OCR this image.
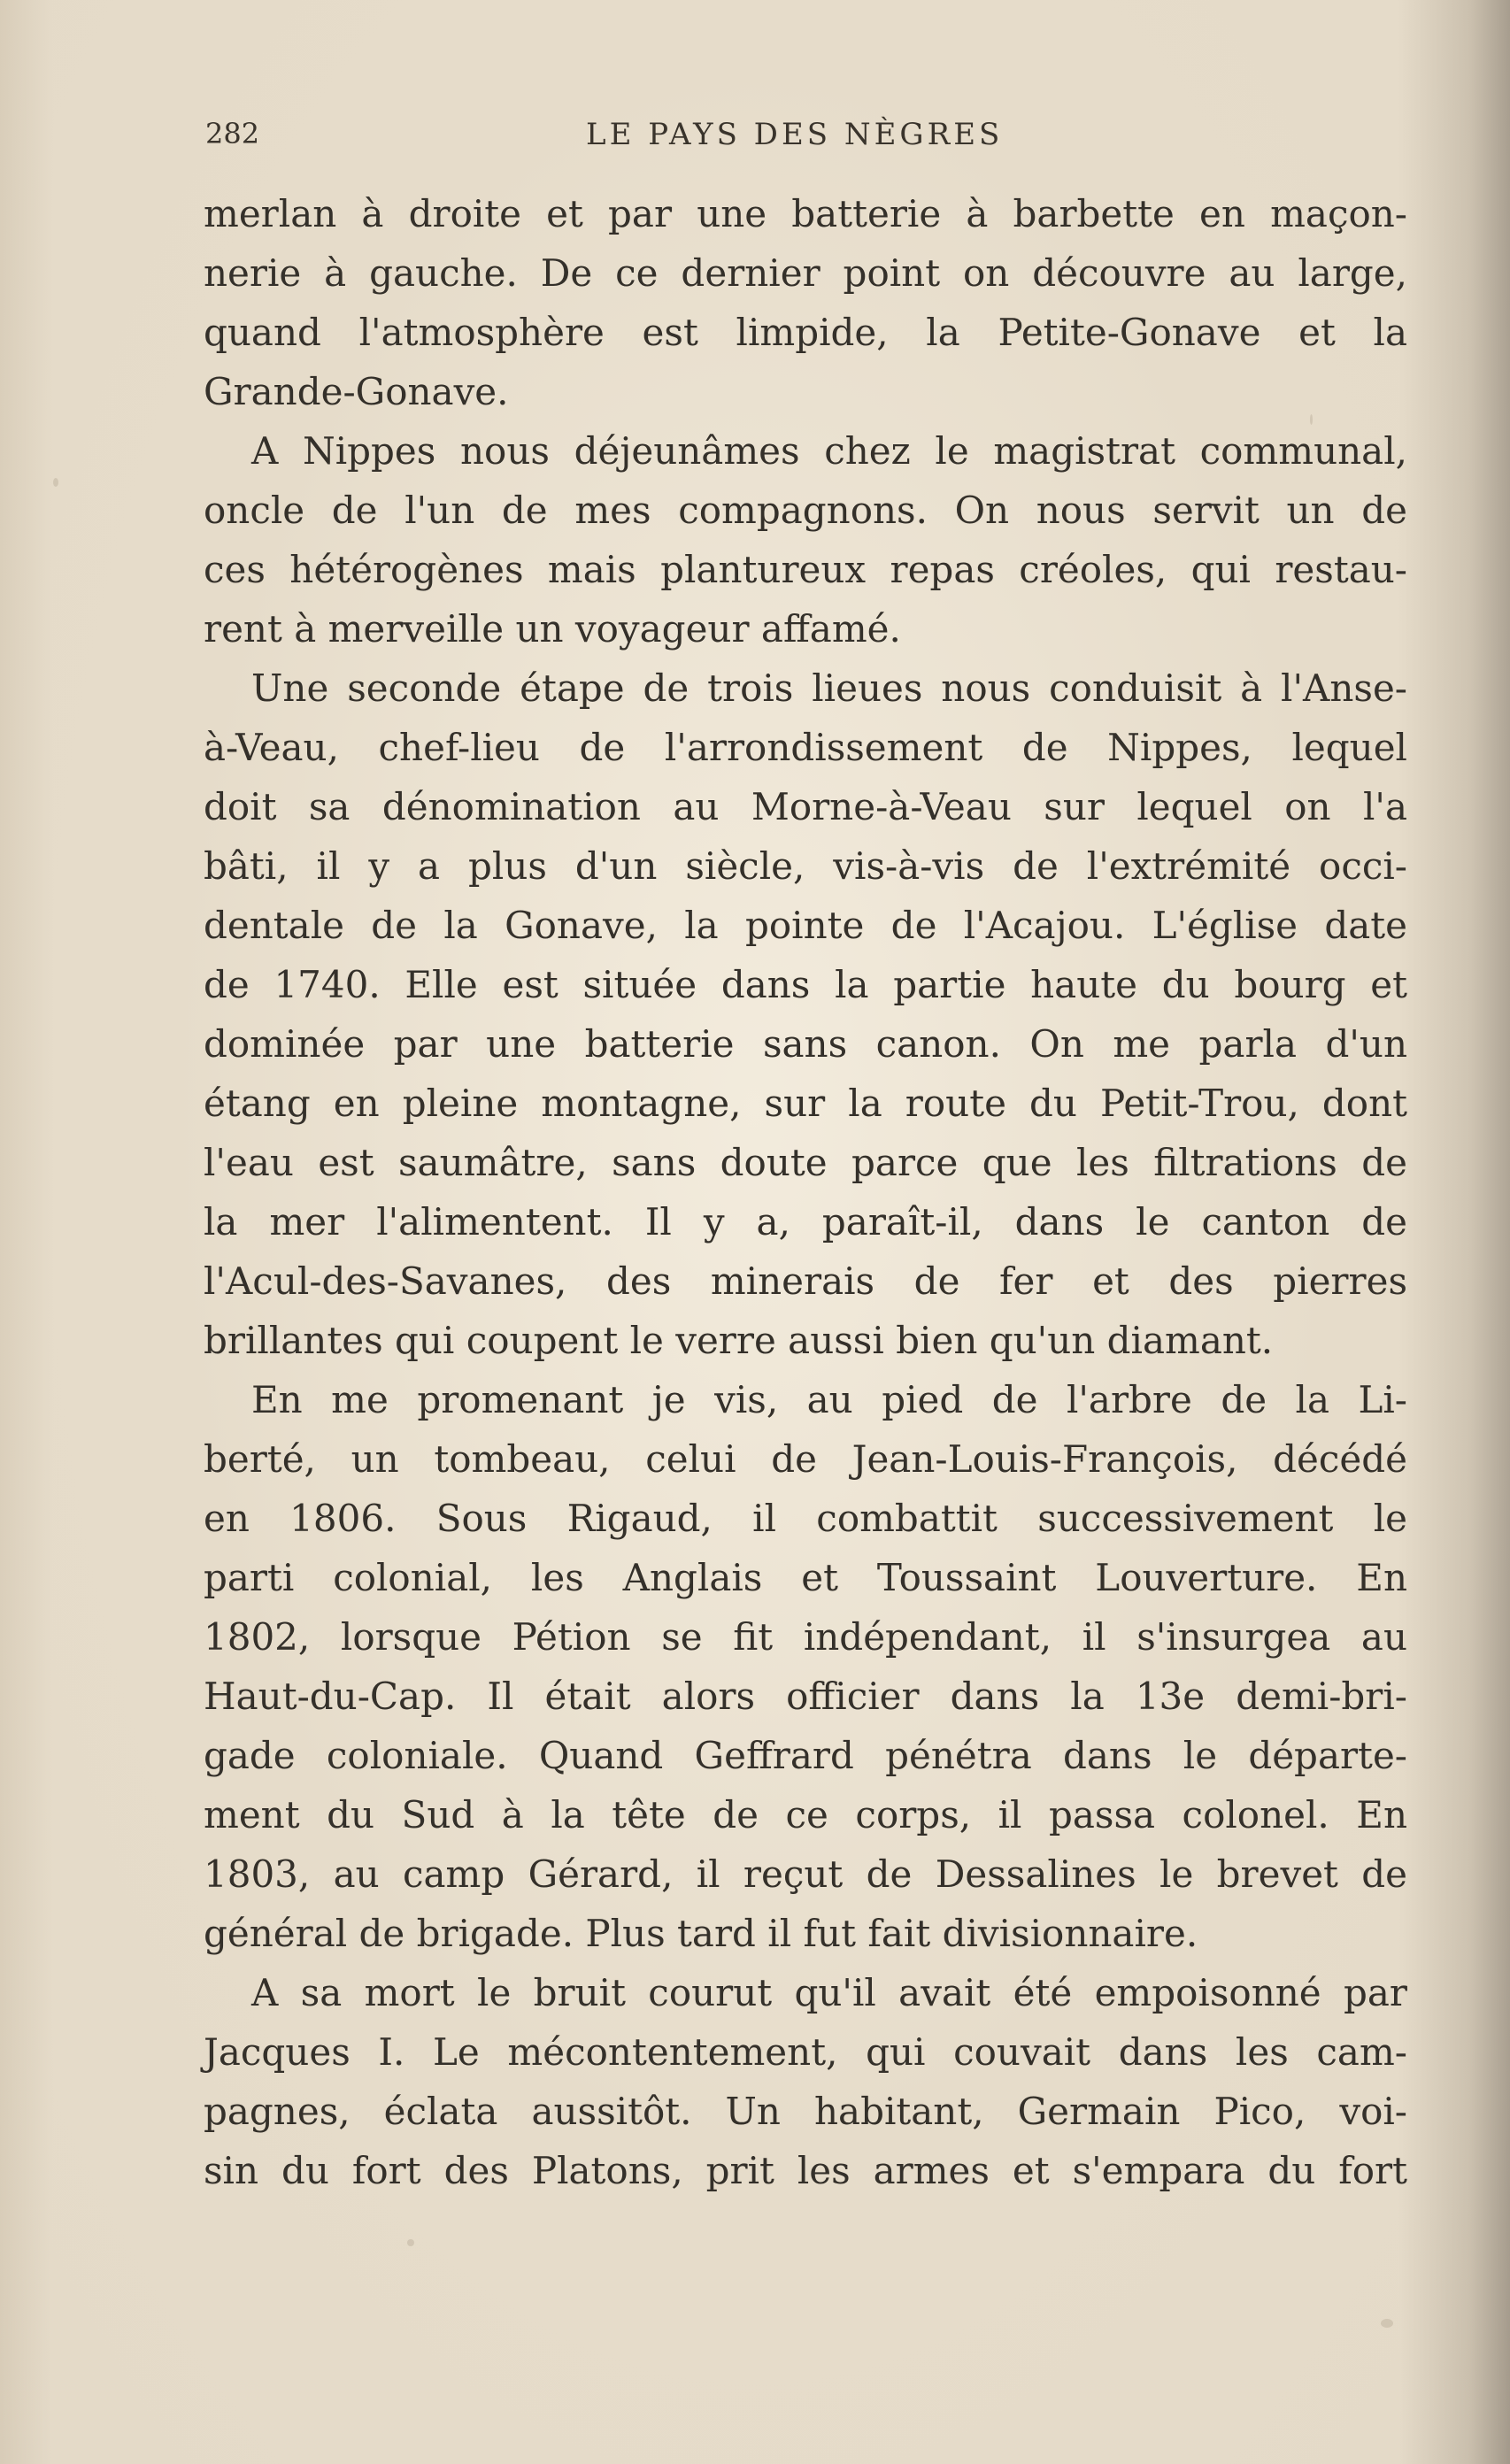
282	LE PAYS DES NÈGRES
merlan à droite et par une batterie à barbette en maçon-
nerie à gauche. De ce dernier point on découvre au large,
quand l'atmosphère est limpide, la Petite-Gonave et la
Grande-Gonave.
A Nippes nous déjeunâmes chez le magistrat communal,
oncle de l'un de mes compagnons. On nous servit un de
ces hétérogènes mais plantureux repas créoles, qui restau-
rent à merveille un voyageur affamé.
Une seconde étape de trois lieues nous conduisit à l'Anse-
à-Veau, chef-lieu de l'arrondissement de Nippes, lequel
doit sa dénomination au Morne-à-Veau sur lequel on l'a
bâti, il y a plus d'un siècle, vis-à-vis de l'extrémité occi-
dentale de la Gonave, la pointe de l'Acajou. L'église date
de 1740. Elle est située dans la partie haute du bourg et
dominée par une batterie sans canon. On me parla d'un
étang en pleine montagne, sur la route du Petit-Trou, dont
l'eau est saumâtre, sans doute parce que les filtrations de
la mer l'alimentent. Il y a, paraît-il, dans le canton de
l'Acul-des-Savanes, des minerais de fer et des pierres
brillantes qui coupent le verre aussi bien qu'un diamant.
En me promenant je vis, au pied de l'arbre de la Li-
berté, un tombeau, celui de Jean-Louis-François, décédé
en 1806. Sous Rigaud, il combattit successivement le
parti colonial, les Anglais et Toussaint Louverture. En
1802, lorsque Pétion se fit indépendant, il s'insurgea au
Haut-du-Cap. Il était alors officier dans la 13e demi-bri-
gade coloniale. Quand Geffrard pénétra dans le départe-
ment du Sud à la tête de ce corps, il passa colonel. En
1803, au camp Gérard, il reçut de Dessalines le brevet de
général de brigade. Plus tard il fut fait divisionnaire.
A sa mort le bruit courut qu'il avait été empoisonné par
Jacques I. Le mécontentement, qui couvait dans les cam-
pagnes, éclata aussitôt. Un habitant, Germain Pico, voi-
sin du fort des Platons, prit les armes et s'empara du fort
